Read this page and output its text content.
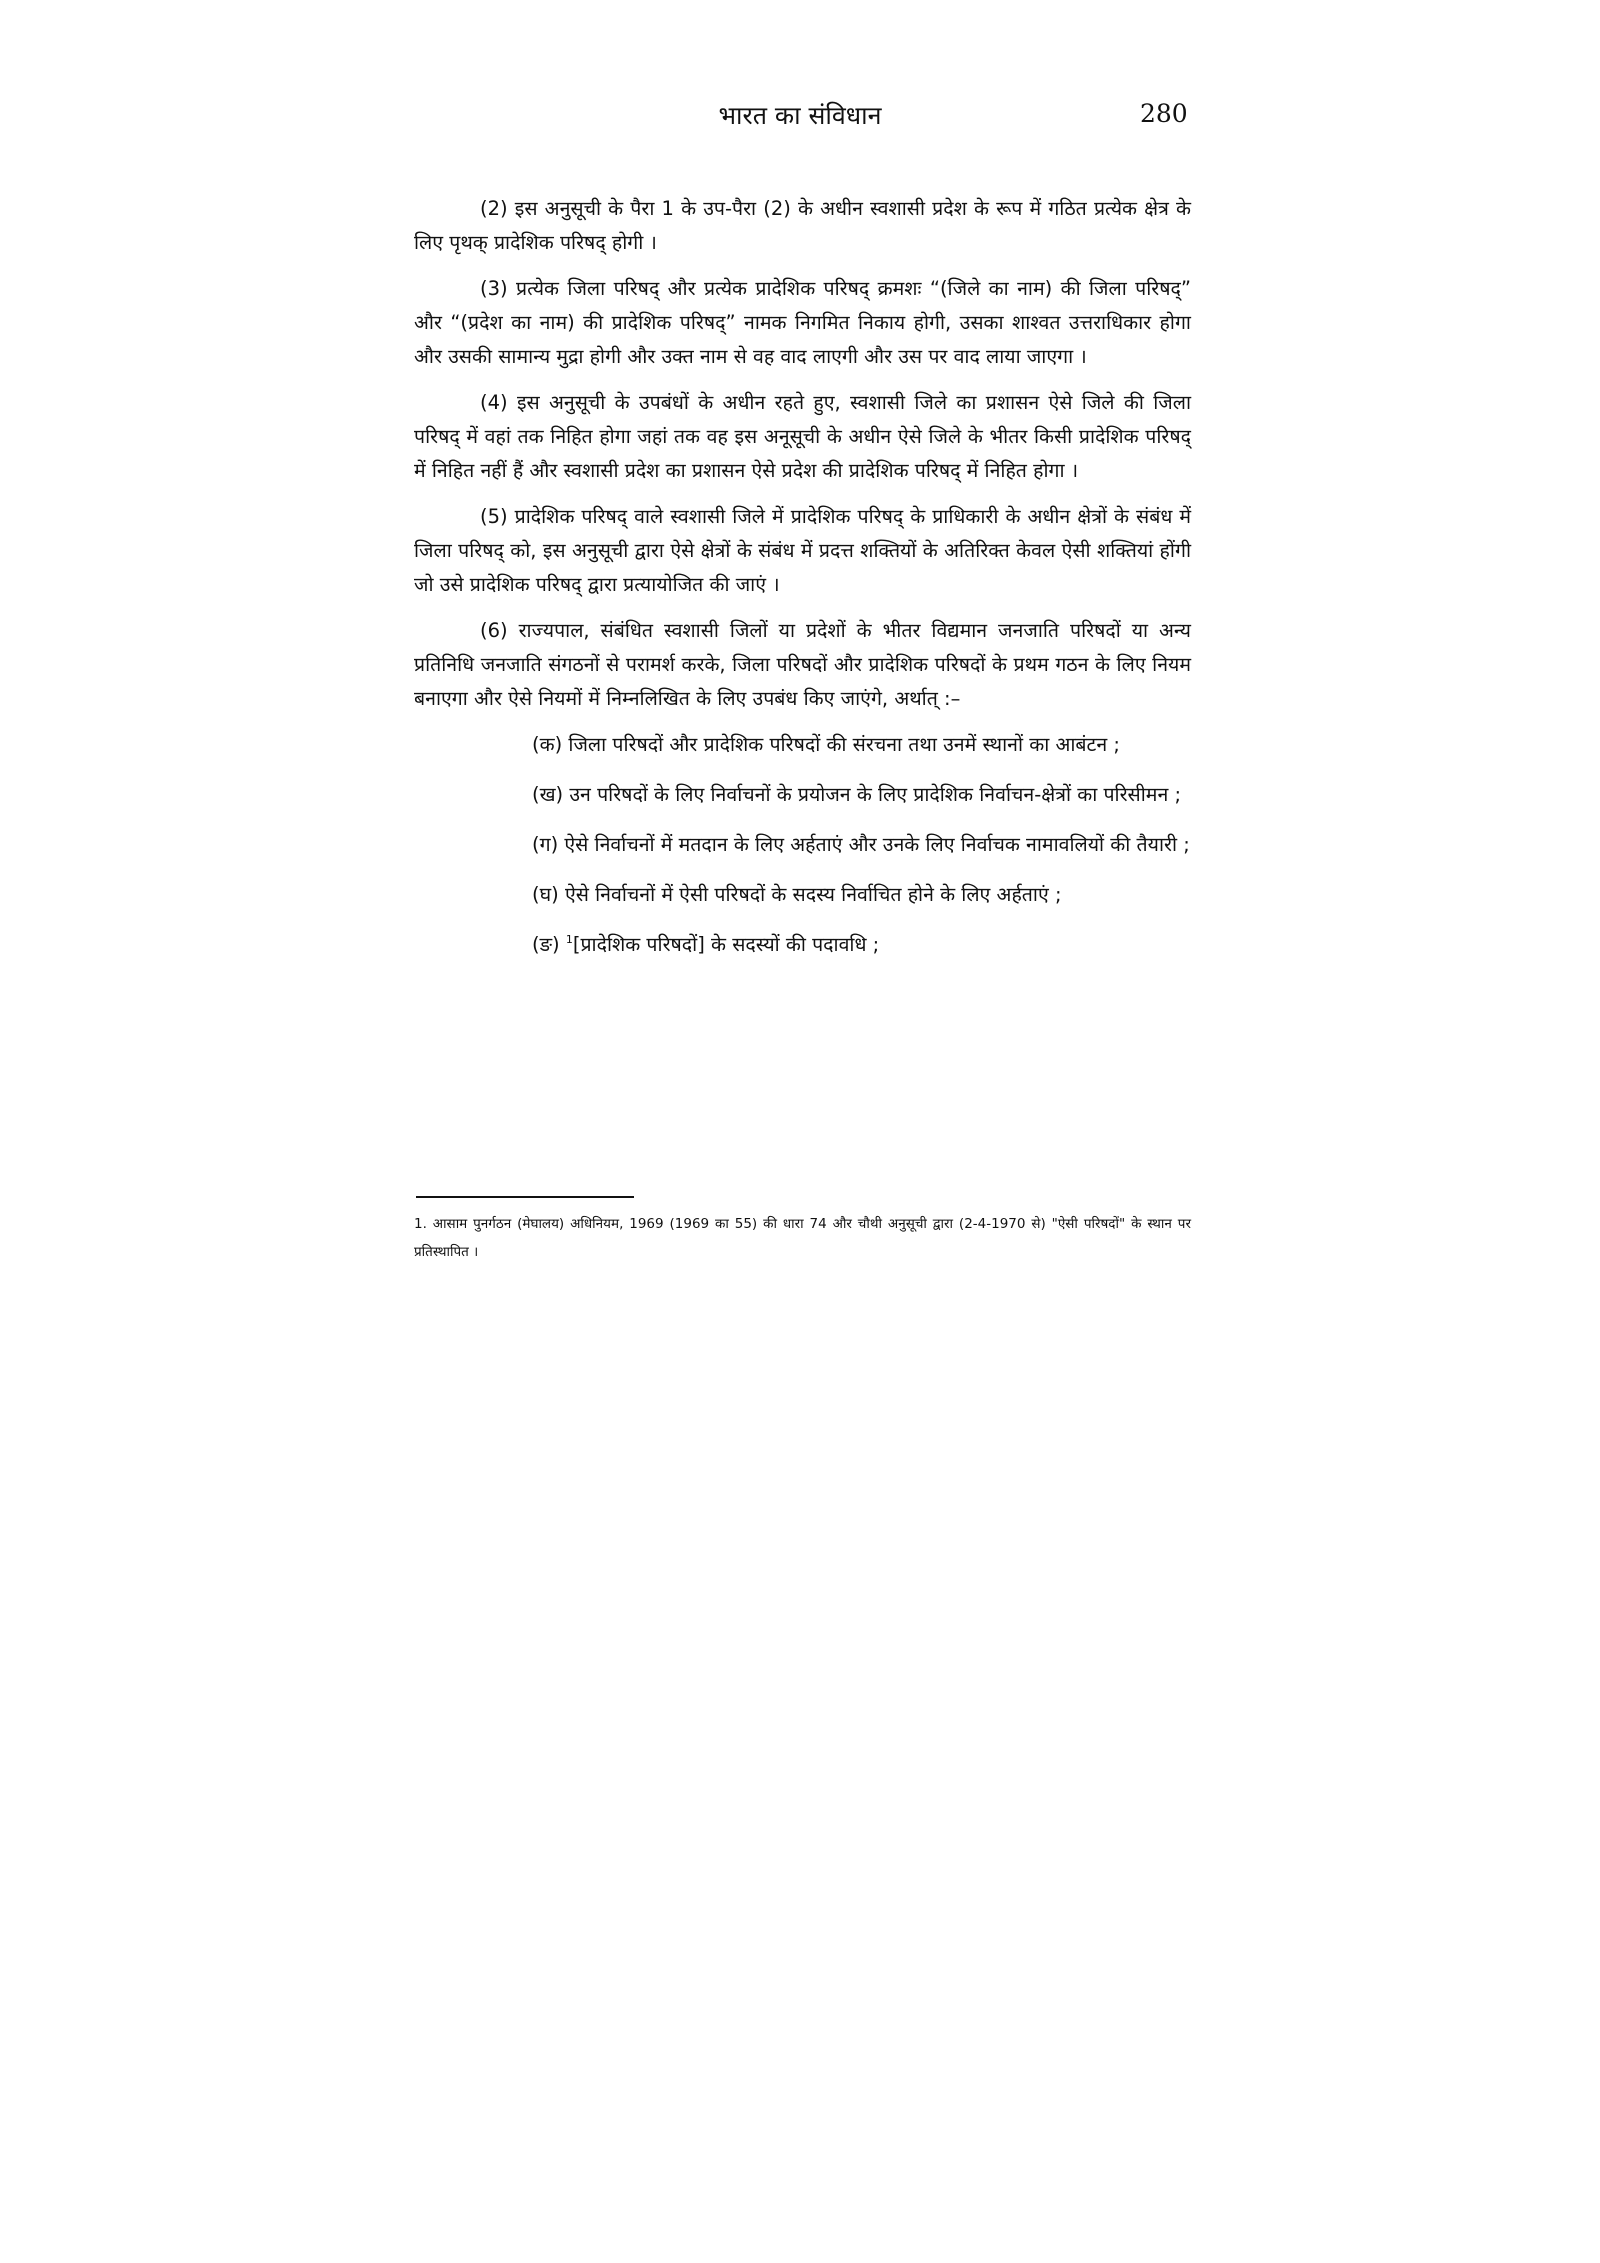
भारत का संविधान	280

(2) इस अनुसूची के पैरा 1 के उप-पैरा (2) के अधीन स्वशासी प्रदेश के रूप में गठित प्रत्येक क्षेत्र के लिए पृथक् प्रादेशिक परिषद् होगी ।

(3) प्रत्येक जिला परिषद् और प्रत्येक प्रादेशिक परिषद् क्रमशः “(जिले का नाम) की जिला परिषद्” और “(प्रदेश का नाम) की प्रादेशिक परिषद्” नामक निगमित निकाय होगी, उसका शाश्वत उत्तराधिकार होगा और उसकी सामान्य मुद्रा होगी और उक्त नाम से वह वाद लाएगी और उस पर वाद लाया जाएगा ।

(4) इस अनुसूची के उपबंधों के अधीन रहते हुए, स्वशासी जिले का प्रशासन ऐसे जिले की जिला परिषद् में वहां तक निहित होगा जहां तक वह इस अनूसूची के अधीन ऐसे जिले के भीतर किसी प्रादेशिक परिषद् में निहित नहीं हैं और स्वशासी प्रदेश का प्रशासन ऐसे प्रदेश की प्रादेशिक परिषद् में निहित होगा ।

(5) प्रादेशिक परिषद् वाले स्वशासी जिले में प्रादेशिक परिषद् के प्राधिकारी के अधीन क्षेत्रों के संबंध में जिला परिषद् को, इस अनुसूची द्वारा ऐसे क्षेत्रों के संबंध में प्रदत्त शक्तियों के अतिरिक्त केवल ऐसी शक्तियां होंगी जो उसे प्रादेशिक परिषद् द्वारा प्रत्यायोजित की जाएं ।

(6) राज्यपाल, संबंधित स्वशासी जिलों या प्रदेशों के भीतर विद्यमान जनजाति परिषदों या अन्य प्रतिनिधि जनजाति संगठनों से परामर्श करके, जिला परिषदों और प्रादेशिक परिषदों के प्रथम गठन के लिए नियम बनाएगा और ऐसे नियमों में निम्नलिखित के लिए उपबंध किए जाएंगे, अर्थात् :–

(क) जिला परिषदों और प्रादेशिक परिषदों की संरचना तथा उनमें स्थानों का आबंटन ;

(ख) उन परिषदों के लिए निर्वाचनों के प्रयोजन के लिए प्रादेशिक निर्वाचन-क्षेत्रों का परिसीमन ;

(ग) ऐसे निर्वाचनों में मतदान के लिए अर्हताएं और उनके लिए निर्वाचक नामावलियों की तैयारी ;

(घ) ऐसे निर्वाचनों में ऐसी परिषदों के सदस्य निर्वाचित होने के लिए अर्हताएं ;

(ङ) $^1$[प्रादेशिक परिषदों] के सदस्यों की पदावधि ;

1. आसाम पुनर्गठन (मेघालय) अधिनियम, 1969 (1969 का 55) की धारा 74 और चौथी अनुसूची द्वारा (2-4-1970 से) "ऐसी परिषदों" के स्थान पर प्रतिस्थापित ।
